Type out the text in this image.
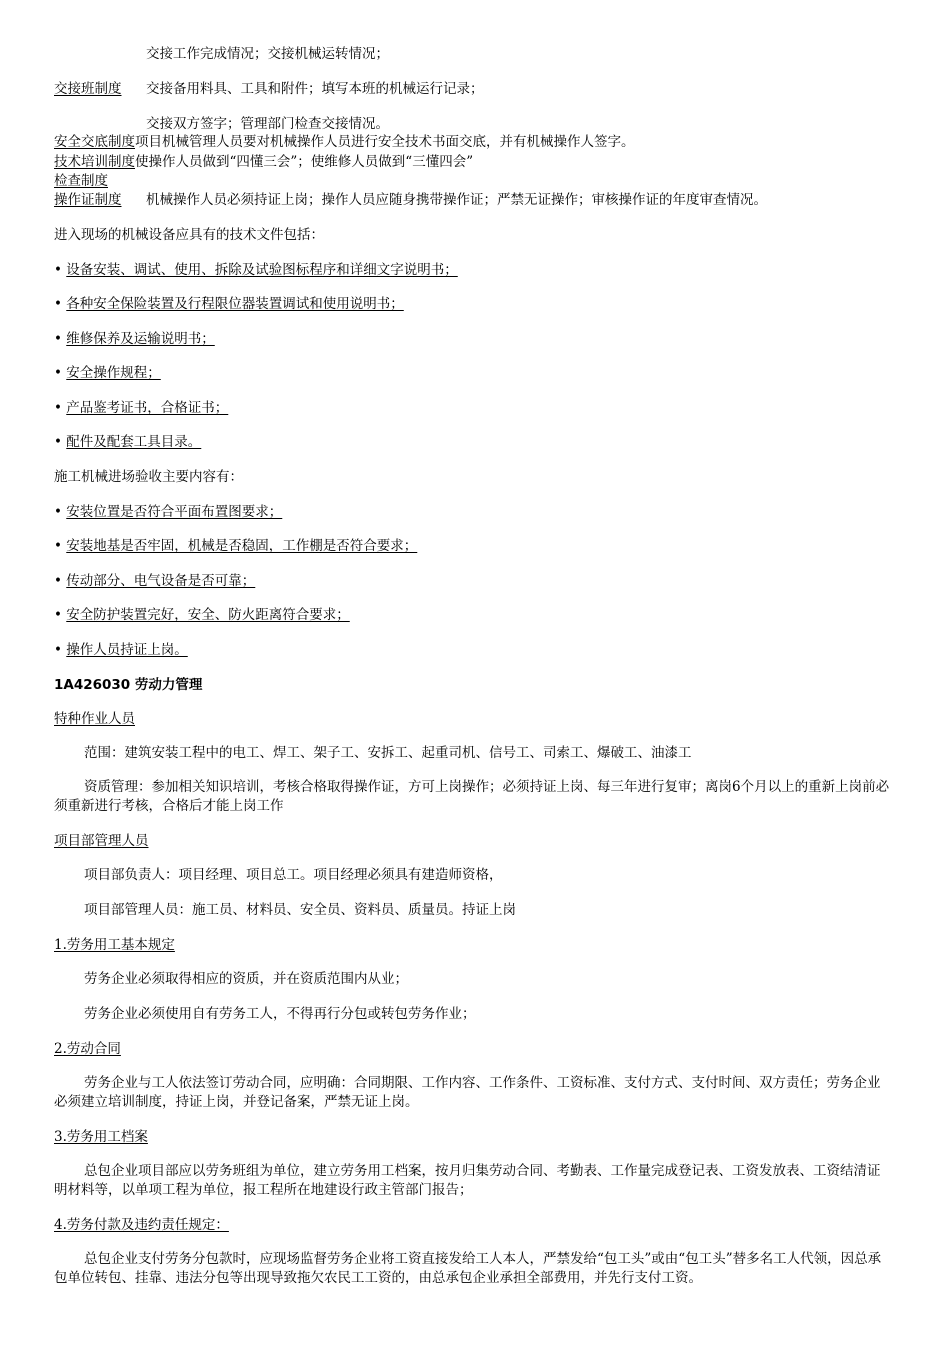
交接工作完成情况；交接机械运转情况；
交接班制度 交接备用料具、工具和附件；填写本班的机械运行记录；
交接双方签字；管理部门检查交接情况。
安全交底制度项目机械管理人员要对机械操作人员进行安全技术书面交底，并有机械操作人签字。
技术培训制度使操作人员做到“四懂三会”；使维修人员做到“三懂四会”
检查制度
操作证制度 机械操作人员必须持证上岗；操作人员应随身携带操作证；严禁无证操作；审核操作证的年度审查情况。
进入现场的机械设备应具有的技术文件包括：
• 设备安装、调试、使用、拆除及试验图标程序和详细文字说明书；
• 各种安全保险装置及行程限位器装置调试和使用说明书；
• 维修保养及运输说明书；
• 安全操作规程；
• 产品鉴考证书，合格证书；
• 配件及配套工具目录。
施工机械进场验收主要内容有：
• 安装位置是否符合平面布置图要求；
• 安装地基是否牢固，机械是否稳固，工作棚是否符合要求；
• 传动部分、电气设备是否可靠；
• 安全防护装置完好，安全、防火距离符合要求；
• 操作人员持证上岗。
1A426030 劳动力管理
特种作业人员
范围：建筑安装工程中的电工、焊工、架子工、安拆工、起重司机、信号工、司索工、爆破工、油漆工
资质管理：参加相关知识培训，考核合格取得操作证，方可上岗操作；必须持证上岗、每三年进行复审；离岗6个月以上的重新上岗前必须重新进行考核，合格后才能上岗工作
项目部管理人员
项目部负责人：项目经理、项目总工。项目经理必须具有建造师资格，
项目部管理人员：施工员、材料员、安全员、资料员、质量员。持证上岗
1.劳务用工基本规定
劳务企业必须取得相应的资质，并在资质范围内从业；
劳务企业必须使用自有劳务工人，不得再行分包或转包劳务作业；
2.劳动合同
劳务企业与工人依法签订劳动合同，应明确：合同期限、工作内容、工作条件、工资标准、支付方式、支付时间、双方责任；劳务企业必须建立培训制度，持证上岗，并登记备案，严禁无证上岗。
3.劳务用工档案
总包企业项目部应以劳务班组为单位，建立劳务用工档案，按月归集劳动合同、考勤表、工作量完成登记表、工资发放表、工资结清证明材料等，以单项工程为单位，报工程所在地建设行政主管部门报告；
4.劳务付款及违约责任规定：
总包企业支付劳务分包款时，应现场监督劳务企业将工资直接发给工人本人，严禁发给“包工头”或由“包工头”替多名工人代领，因总承包单位转包、挂靠、违法分包等出现导致拖欠农民工工资的，由总承包企业承担全部费用，并先行支付工资。
